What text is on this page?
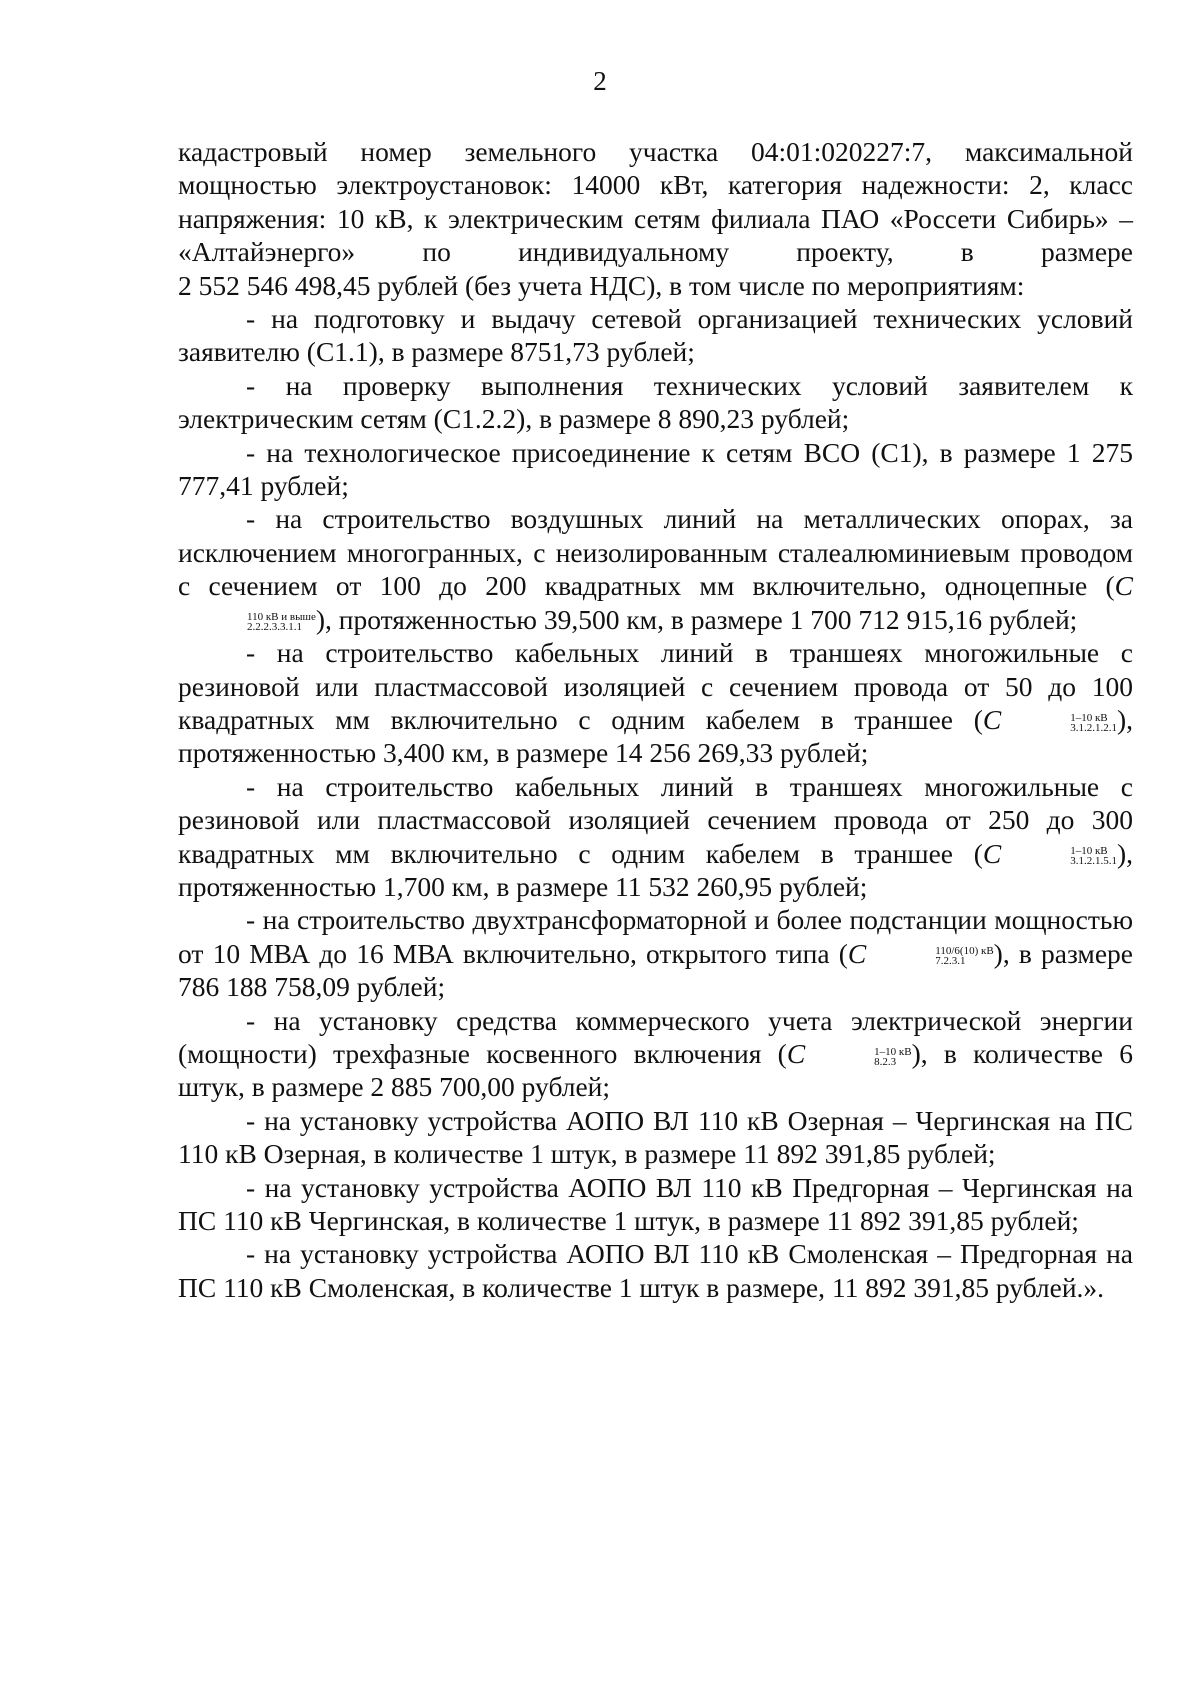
2
кадастровый номер земельного участка 04:01:020227:7, максимальной
мощностью электроустановок: 14000 кВт, категория надежности: 2, класс
напряжения: 10 кВ, к электрическим сетям филиала ПАО «Россети Сибирь» –
«Алтайэнерго» по индивидуальному проекту, в размере
2 552 546 498,45 рублей (без учета НДС), в том числе по мероприятиям:
- на подготовку и выдачу сетевой организацией технических условий заявителю (С1.1), в размере 8751,73 рублей;
- на проверку выполнения технических условий заявителем к электрическим сетям (С1.2.2), в размере 8 890,23 рублей;
- на технологическое присоединение к сетям ВСО (С1), в размере 1 275 777,41 рублей;
- на строительство воздушных линий на металлических опорах, за исключением многогранных, с неизолированным сталеалюминиевым проводом с сечением от 100 до 200 квадратных мм включительно, одноцепные (C
110 кВ и выше
2.2.2.3.3.1.1 ), протяженностью 39,500 км, в размере 1 700 712 915,16 рублей;
- на строительство кабельных линий в траншеях многожильные с резиновой или пластмассовой изоляцией с сечением провода от 50 до 100 квадратных мм включительно с одним кабелем в траншее (C	1–10 кВ
3.1.2.1.2.1 ), протяженностью 3,400 км, в размере 14 256 269,33 рублей;
- на строительство кабельных линий в траншеях многожильные с резиновой или пластмассовой изоляцией сечением провода от 250 до 300 квадратных мм включительно с одним кабелем в траншее (C	1–10 кВ
3.1.2.1.5.1 ), протяженностью 1,700 км, в размере 11 532 260,95 рублей;
- на строительство двухтрансформаторной и более подстанции мощностью от 10 МВА до 16 МВА включительно, открытого типа (C	110/6(10) кВ
7.2.3.1	), в размере 786 188 758,09 рублей;
- на установку средства коммерческого учета электрической энергии (мощности) трехфазные косвенного включения (C	1–10 кВ
8.2.3 ), в количестве 6 штук, в размере 2 885 700,00 рублей;
- на установку устройства АОПО ВЛ 110 кВ Озерная – Чергинская на ПС 110 кВ Озерная, в количестве 1 штук, в размере 11 892 391,85 рублей;
- на установку устройства АОПО ВЛ 110 кВ Предгорная – Чергинская на ПС 110 кВ Чергинская, в количестве 1 штук, в размере 11 892 391,85 рублей;
- на установку устройства АОПО ВЛ 110 кВ Смоленская – Предгорная на ПС 110 кВ Смоленская, в количестве 1 штук в размере, 11 892 391,85 рублей.».
